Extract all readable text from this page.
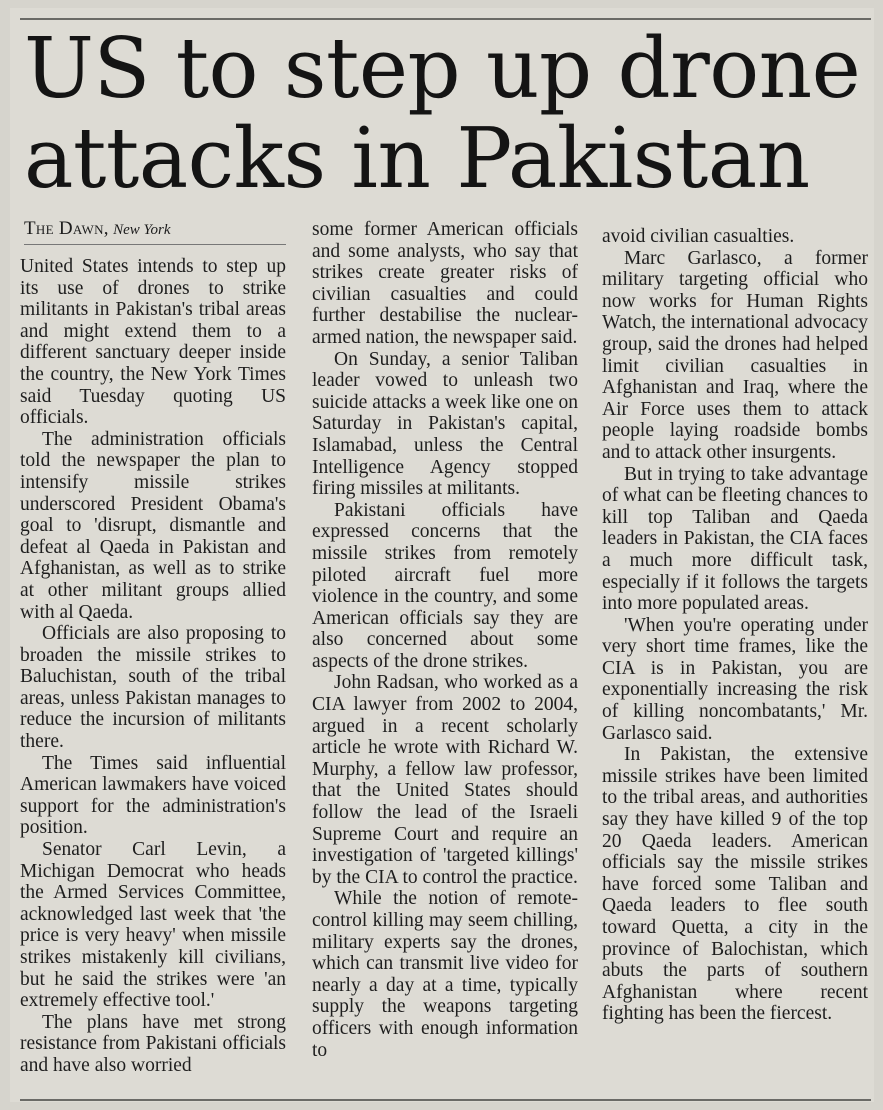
US to step up drone attacks in Pakistan
The Dawn, New York

United States intends to step up its use of drones to strike militants in Pakistan's tribal areas and might extend them to a different sanctuary deeper inside the country, the New York Times said Tuesday quoting US officials.

The administration officials told the newspaper the plan to intensify missile strikes underscored President Obama's goal to 'disrupt, dismantle and defeat al Qaeda in Pakistan and Afghanistan, as well as to strike at other militant groups allied with al Qaeda.

Officials are also proposing to broaden the missile strikes to Baluchistan, south of the tribal areas, unless Pakistan manages to reduce the incursion of militants there.

The Times said influential American lawmakers have voiced support for the administration's position.

Senator Carl Levin, a Michigan Democrat who heads the Armed Services Committee, acknowledged last week that 'the price is very heavy' when missile strikes mistakenly kill civilians, but he said the strikes were 'an extremely effective tool.'

The plans have met strong resistance from Pakistani officials and have also worried

some former American officials and some analysts, who say that strikes create greater risks of civilian casualties and could further destabilise the nuclear-armed nation, the newspaper said.

On Sunday, a senior Taliban leader vowed to unleash two suicide attacks a week like one on Saturday in Pakistan's capital, Islamabad, unless the Central Intelligence Agency stopped firing missiles at militants.

Pakistani officials have expressed concerns that the missile strikes from remotely piloted aircraft fuel more violence in the country, and some American officials say they are also concerned about some aspects of the drone strikes.

John Radsan, who worked as a CIA lawyer from 2002 to 2004, argued in a recent scholarly article he wrote with Richard W. Murphy, a fellow law professor, that the United States should follow the lead of the Israeli Supreme Court and require an investigation of 'targeted killings' by the CIA to control the practice.

While the notion of remote-control killing may seem chilling, military experts say the drones, which can transmit live video for nearly a day at a time, typically supply the weapons targeting officers with enough information to

avoid civilian casualties.

Marc Garlasco, a former military targeting official who now works for Human Rights Watch, the international advocacy group, said the drones had helped limit civilian casualties in Afghanistan and Iraq, where the Air Force uses them to attack people laying roadside bombs and to attack other insurgents.

But in trying to take advantage of what can be fleeting chances to kill top Taliban and Qaeda leaders in Pakistan, the CIA faces a much more difficult task, especially if it follows the targets into more populated areas.

'When you're operating under very short time frames, like the CIA is in Pakistan, you are exponentially increasing the risk of killing noncombatants,' Mr. Garlasco said.

In Pakistan, the extensive missile strikes have been limited to the tribal areas, and authorities say they have killed 9 of the top 20 Qaeda leaders. American officials say the missile strikes have forced some Taliban and Qaeda leaders to flee south toward Quetta, a city in the province of Balochistan, which abuts the parts of southern Afghanistan where recent fighting has been the fiercest.
